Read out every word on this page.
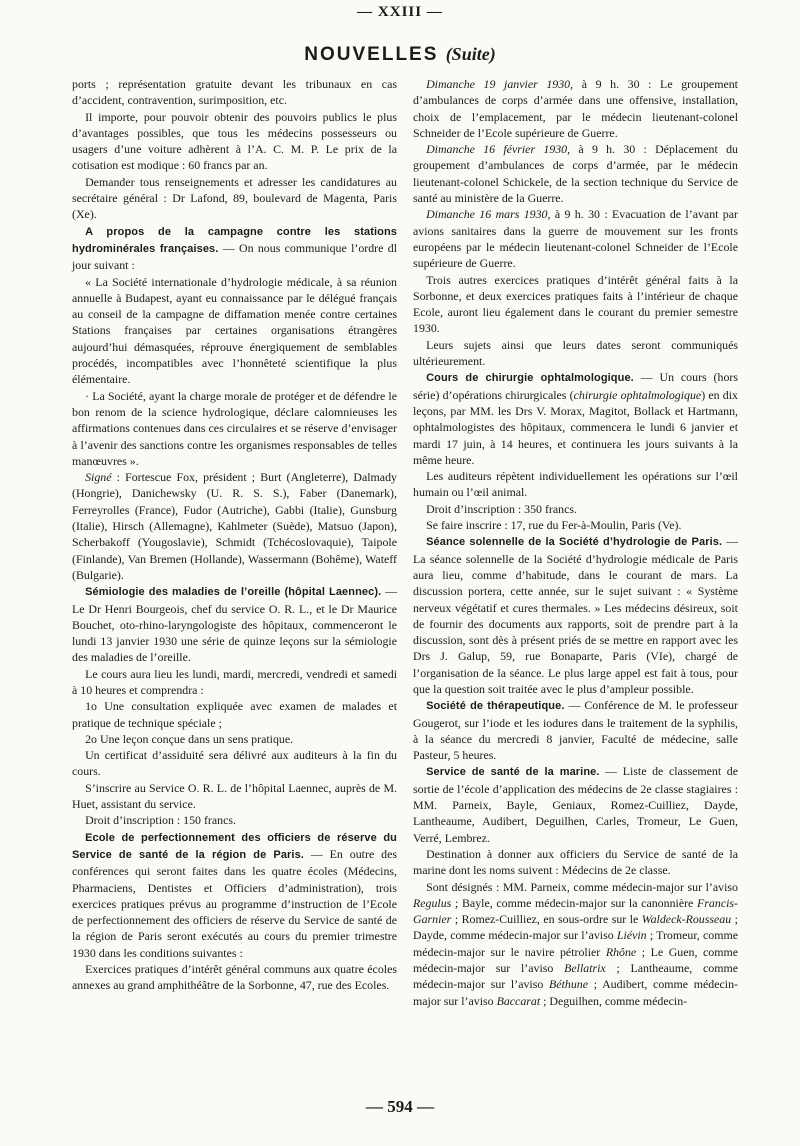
— XXIII —
NOUVELLES (Suite)

ports ; représentation gratuite devant les tribunaux en cas d’accident, contravention, surimposition, etc.

Il importe, pour pouvoir obtenir des pouvoirs publics le plus d’avantages possibles, que tous les médecins possesseurs ou usagers d’une voiture adhèrent à l’A. C. M. P. Le prix de la cotisation est modique : 60 francs par an.

Demander tous renseignements et adresser les candidatures au secrétaire général : Dr Lafond, 89, boulevard de Magenta, Paris (Xe).

A propos de la campagne contre les stations hydrominérales françaises. — On nous communique l’ordre dl jour suivant :

« La Société internationale d’hydrologie médicale, à sa réunion annuelle à Budapest, ayant eu connaissance par le délégué français au conseil de la campagne de diffamation menée contre certaines Stations françaises par certaines organisations étrangères aujourd’hui démasquées, réprouve énergiquement de semblables procédés, incompatibles avec l’honnêteté scientifique la plus élémentaire.

· La Société, ayant la charge morale de protéger et de défendre le bon renom de la science hydrologique, déclare calomnieuses les affirmations contenues dans ces circulaires et se réserve d’envisager à l’avenir des sanctions contre les organismes responsables de telles manœuvres ».

Signé : Fortescue Fox, président ; Burt (Angleterre), Dalmady (Hongrie), Danichewsky (U. R. S. S.), Faber (Danemark), Ferreyrolles (France), Fudor (Autriche), Gabbi (Italie), Gunsburg (Italie), Hirsch (Allemagne), Kahlmeter (Suède), Matsuo (Japon), Scherbakoff (Yougoslavie), Schmidt (Tchécoslovaquie), Taipole (Finlande), Van Bremen (Hollande), Wassermann (Bohême), Wateff (Bulgarie).

Sémiologie des maladies de l’oreille (hôpital Laennec). — Le Dr Henri Bourgeois, chef du service O. R. L., et le Dr Maurice Bouchet, oto-rhino-laryngologiste des hôpitaux, commenceront le lundi 13 janvier 1930 une série de quinze leçons sur la sémiologie des maladies de l’oreille.

Le cours aura lieu les lundi, mardi, mercredi, vendredi et samedi à 10 heures et comprendra :

1o Une consultation expliquée avec examen de malades et pratique de technique spéciale ;

2o Une leçon conçue dans un sens pratique.

Un certificat d’assiduité sera délivré aux auditeurs à la fin du cours.

S’inscrire au Service O. R. L. de l’hôpital Laennec, auprès de M. Huet, assistant du service.

Droit d’inscription : 150 francs.

Ecole de perfectionnement des officiers de réserve du Service de santé de la région de Paris. — En outre des conférences qui seront faites dans les quatre écoles (Médecins, Pharmaciens, Dentistes et Officiers d’administration), trois exercices pratiques prévus au programme d’instruction de l’Ecole de perfectionnement des officiers de réserve du Service de santé de la région de Paris seront exécutés au cours du premier trimestre 1930 dans les conditions suivantes :

Exercices pratiques d’intérêt général communs aux quatre écoles annexes au grand amphithéâtre de la Sorbonne, 47, rue des Ecoles.

Dimanche 19 janvier 1930, à 9 h. 30 : Le groupement d’ambulances de corps d’armée dans une offensive, installation, choix de l’emplacement, par le médecin lieutenant-colonel Schneider de l’Ecole supérieure de Guerre.

Dimanche 16 février 1930, à 9 h. 30 : Déplacement du groupement d’ambulances de corps d’armée, par le médecin lieutenant-colonel Schickele, de la section technique du Service de santé au ministère de la Guerre.

Dimanche 16 mars 1930, à 9 h. 30 : Evacuation de l’avant par avions sanitaires dans la guerre de mouvement sur les fronts européens par le médecin lieutenant-colonel Schneider de l’Ecole supérieure de Guerre.

Trois autres exercices pratiques d’intérêt général faits à la Sorbonne, et deux exercices pratiques faits à l’intérieur de chaque Ecole, auront lieu également dans le courant du premier semestre 1930.

Leurs sujets ainsi que leurs dates seront communiqués ultérieurement.

Cours de chirurgie ophtalmologique. — Un cours (hors série) d’opérations chirurgicales (chirurgie ophtalmologique) en dix leçons, par MM. les Drs V. Morax, Magitot, Bollack et Hartmann, ophtalmologistes des hôpitaux, commencera le lundi 6 janvier et mardi 17 juin, à 14 heures, et continuera les jours suivants à la même heure.

Les auditeurs répètent individuellement les opérations sur l’œil humain ou l’œil animal.

Droit d’inscription : 350 francs.

Se faire inscrire : 17, rue du Fer-à-Moulin, Paris (Ve).

Séance solennelle de la Société d’hydrologie de Paris. — La séance solennelle de la Société d’hydrologie médicale de Paris aura lieu, comme d’habitude, dans le courant de mars. La discussion portera, cette année, sur le sujet suivant : « Système nerveux végétatif et cures thermales. » Les médecins désireux, soit de fournir des documents aux rapports, soit de prendre part à la discussion, sont dès à présent priés de se mettre en rapport avec les Drs J. Galup, 59, rue Bonaparte, Paris (VIe), chargé de l’organisation de la séance. Le plus large appel est fait à tous, pour que la question soit traitée avec le plus d’ampleur possible.

Société de thérapeutique. — Conférence de M. le professeur Gougerot, sur l’iode et les iodures dans le traitement de la syphilis, à la séance du mercredi 8 janvier, Faculté de médecine, salle Pasteur, 5 heures.

Service de santé de la marine. — Liste de classement de sortie de l’école d’application des médecins de 2e classe stagiaires : MM. Parneix, Bayle, Geniaux, Romez-Cuilliez, Dayde, Lantheaume, Audibert, Deguilhen, Carles, Tromeur, Le Guen, Verré, Lembrez.

Destination à donner aux officiers du Service de santé de la marine dont les noms suivent : Médecins de 2e classe.

Sont désignés : MM. Parneix, comme médecin-major sur l’aviso Regulus ; Bayle, comme médecin-major sur la canonnière Francis-Garnier ; Romez-Cuilliez, en sous-ordre sur le Waldeck-Rousseau ; Dayde, comme médecin-major sur l’aviso Liévin ; Tromeur, comme médecin-major sur le navire pétrolier Rhône ; Le Guen, comme médecin-major sur l’aviso Bellatrix ; Lantheaume, comme médecin-major sur l’aviso Béthune ; Audibert, comme médecin-major sur l’aviso Baccarat ; Deguilhen, comme médecin-

— 594 —
